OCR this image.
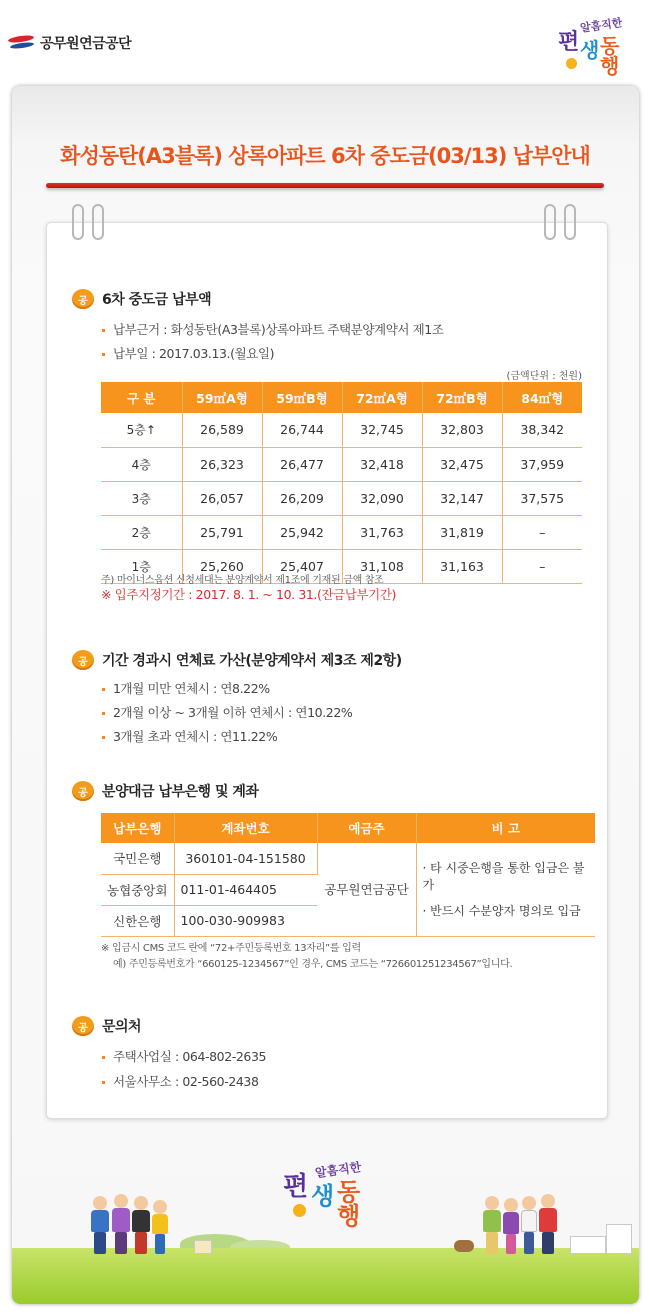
공무원연금공단
알흠직한
편 생 동행
화성동탄(A3블록) 상록아파트 6차 중도금(03/13) 납부안내
공	6차 중도금 납부액
납부근거 : 화성동탄(A3블록)상록아파트 주택분양계약서 제1조
납부일 : 2017.03.13.(월요일)
(금액단위 : 천원)
구 분	59㎡A형	59㎡B형	72㎡A형	72㎡B형	84㎡형
5층↑	26,589	26,744	32,745	32,803	38,342
4층	26,323	26,477	32,418	32,475	37,959
3층	26,057	26,209	32,090	32,147	37,575
2층	25,791	25,942	31,763	31,819	–
1층	25,260	25,407	31,108	31,163	–
주) 마이너스옵션 신청세대는 분양계약서 제1조에 기재된 금액 참조
※ 입주지정기간 : 2017. 8. 1. ~ 10. 31.(잔금납부기간)
공	기간 경과시 연체료 가산(분양계약서 제3조 제2항)
1개월 미만 연체시 : 연8.22%
2개월 이상 ~ 3개월 이하 연체시 : 연10.22%
3개월 초과 연체시 : 연11.22%
공	분양대금 납부은행 및 계좌
납부은행	계좌번호	예금주	비 고
국민은행	360101-04-151580	공무원연금공단	· 타 시중은행을 통한 입금은 불가
· 반드시 수분양자 명의로 입금

농협중앙회	011-01-464405		
신한은행	100-030-909983		
※ 입금시 CMS 코드 란에 “72+주민등록번호 13자리”를 입력
예) 주민등록번호가 “660125-1234567”인 경우, CMS 코드는 “726601251234567”입니다.
공	문의처
주택사업실 : 064-802-2635
서울사무소 : 02-560-2438
알흠직한
편 생 동행
